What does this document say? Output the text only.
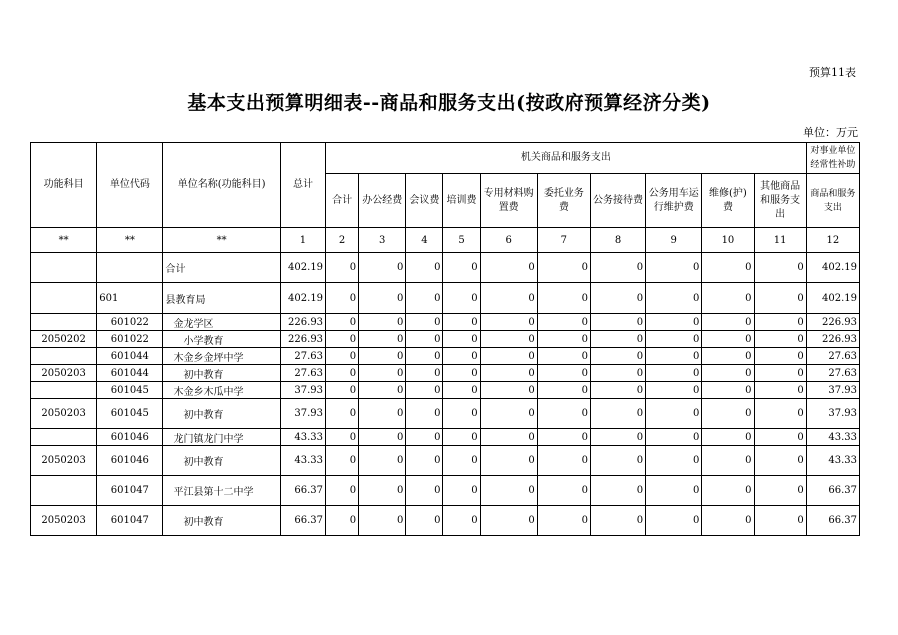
预算11表
基本支出预算明细表--商品和服务支出(按政府预算经济分类)
单位：万元
功能科目	单位代码	单位名称(功能科目)	总计	机关商品和服务支出										对事业单位经常性补助
				合计	办公经费	会议费	培训费	专用材料购置费	委托业务费	公务接待费	公务用车运行维护费	维修(护)费	其他商品和服务支出	商品和服务支出
**	**	**	1	2	3	4	5	6	7	8	9	10	11	12
		合计	402.19	0	0	0	0	0	0	0	0	0	0	402.19
	601	县教育局	402.19	0	0	0	0	0	0	0	0	0	0	402.19
	601022	金龙学区	226.93	0	0	0	0	0	0	0	0	0	0	226.93
2050202	601022	小学教育	226.93	0	0	0	0	0	0	0	0	0	0	226.93
	601044	木金乡金坪中学	27.63	0	0	0	0	0	0	0	0	0	0	27.63
2050203	601044	初中教育	27.63	0	0	0	0	0	0	0	0	0	0	27.63
	601045	木金乡木瓜中学	37.93	0	0	0	0	0	0	0	0	0	0	37.93
2050203	601045	初中教育	37.93	0	0	0	0	0	0	0	0	0	0	37.93
	601046	龙门镇龙门中学	43.33	0	0	0	0	0	0	0	0	0	0	43.33
2050203	601046	初中教育	43.33	0	0	0	0	0	0	0	0	0	0	43.33
	601047	平江县第十二中学	66.37	0	0	0	0	0	0	0	0	0	0	66.37
2050203	601047	初中教育	66.37	0	0	0	0	0	0	0	0	0	0	66.37
